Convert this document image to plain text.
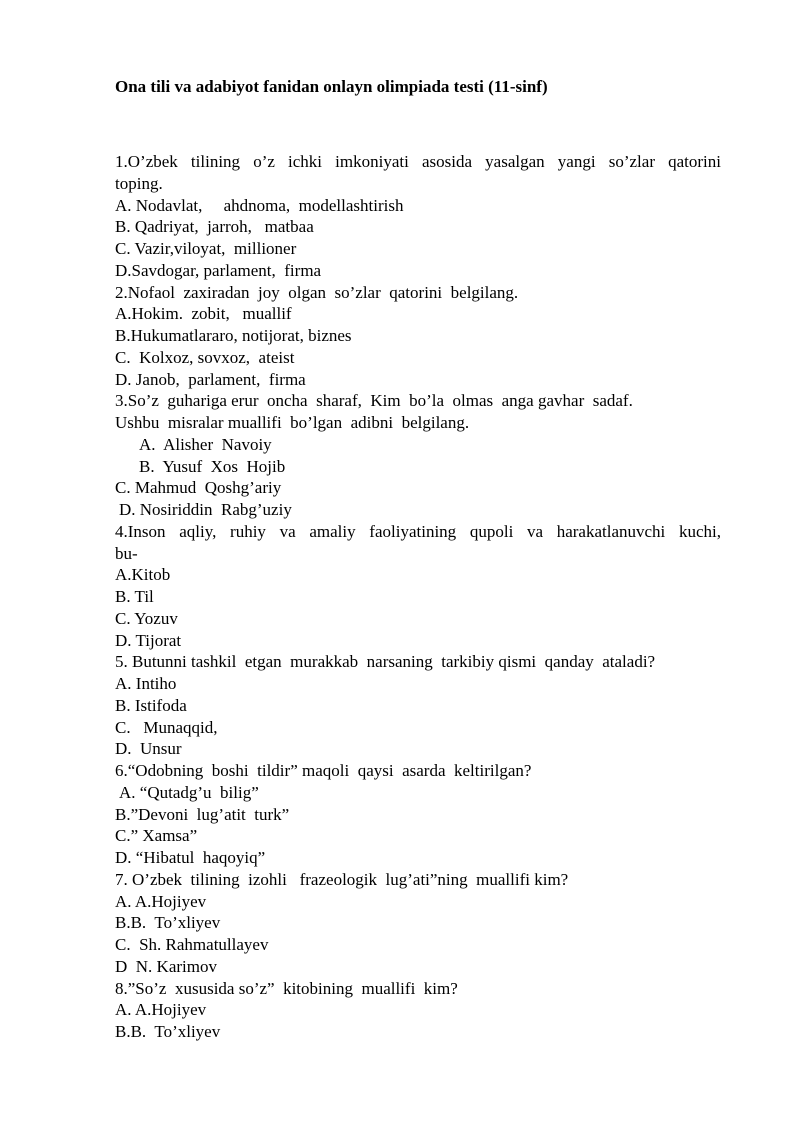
Ona tili va adabiyot fanidan onlayn olimpiada testi (11-sinf)
1.O’zbek tilining o’z ichki imkoniyati asosida yasalgan yangi so’zlar qatorini
toping.
A. Nodavlat,     ahdnoma,  modellashtirish
B. Qadriyat,  jarroh,   matbaa
C. Vazir,viloyat,  millioner
D.Savdogar, parlament,  firma
2.Nofaol  zaxiradan  joy  olgan  so’zlar  qatorini  belgilang.
A.Hokim.  zobit,   muallif
B.Hukumatlararo, notijorat, biznes
C.  Kolxoz, sovxoz,  ateist
D. Janob,  parlament,  firma
3.So’z  guhariga erur  oncha  sharaf,  Kim  bo’la  olmas  anga gavhar  sadaf.
Ushbu  misralar muallifi  bo’lgan  adibni  belgilang.
A.  Alisher  Navoiy
B.  Yusuf  Xos  Hojib
C. Mahmud  Qoshg’ariy
D. Nosiriddin  Rabg’uziy
4.Inson aqliy, ruhiy va amaliy faoliyatining qupoli va harakatlanuvchi kuchi,
bu-
A.Kitob
B. Til
C. Yozuv
D. Tijorat
5. Butunni tashkil  etgan  murakkab  narsaning  tarkibiy qismi  qanday  ataladi?
A. Intiho
B. Istifoda
C.   Munaqqid,
D.  Unsur
6.“Odobning  boshi  tildir” maqoli  qaysi  asarda  keltirilgan?
A. “Qutadg’u  bilig”
B.”Devoni  lug’atit  turk”
C.” Xamsa”
D. “Hibatul  haqoyiq”
7. O’zbek  tilining  izohli   frazeologik  lug’ati”ning  muallifi kim?
A. A.Hojiyev
B.B.  To’xliyev
C.  Sh. Rahmatullayev
D  N. Karimov
8.”So’z  xususida so’z”  kitobining  muallifi  kim?
A. A.Hojiyev
B.B.  To’xliyev
